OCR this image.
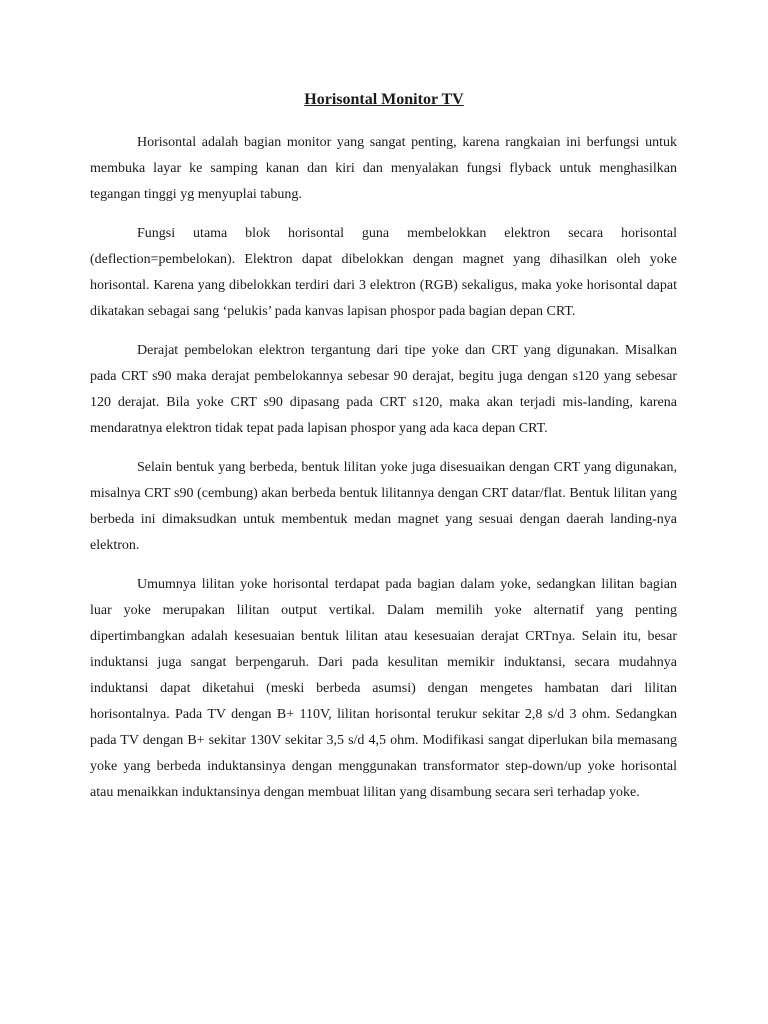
Horisontal Monitor TV

Horisontal adalah bagian monitor yang sangat penting, karena rangkaian ini berfungsi untuk membuka layar ke samping kanan dan kiri dan menyalakan fungsi flyback untuk menghasilkan tegangan tinggi yg menyuplai tabung.

Fungsi utama blok horisontal guna membelokkan elektron secara horisontal (deflection=pembelokan). Elektron dapat dibelokkan dengan magnet yang dihasilkan oleh yoke horisontal. Karena yang dibelokkan terdiri dari 3 elektron (RGB) sekaligus, maka yoke horisontal dapat dikatakan sebagai sang ‘pelukis’ pada kanvas lapisan phospor pada bagian depan CRT.

Derajat pembelokan elektron tergantung dari tipe yoke dan CRT yang digunakan. Misalkan pada CRT s90 maka derajat pembelokannya sebesar 90 derajat, begitu juga dengan s120 yang sebesar 120 derajat. Bila yoke CRT s90 dipasang pada CRT s120, maka akan terjadi mis-landing, karena mendaratnya elektron tidak tepat pada lapisan phospor yang ada kaca depan CRT.

Selain bentuk yang berbeda, bentuk lilitan yoke juga disesuaikan dengan CRT yang digunakan, misalnya CRT s90 (cembung) akan berbeda bentuk lilitannya dengan CRT datar/flat. Bentuk lilitan yang berbeda ini dimaksudkan untuk membentuk medan magnet yang sesuai dengan daerah landing-nya elektron.

Umumnya lilitan yoke horisontal terdapat pada bagian dalam yoke, sedangkan lilitan bagian luar yoke merupakan lilitan output vertikal. Dalam memilih yoke alternatif yang penting dipertimbangkan adalah kesesuaian bentuk lilitan atau kesesuaian derajat CRTnya. Selain itu, besar induktansi juga sangat berpengaruh. Dari pada kesulitan memikir induktansi, secara mudahnya induktansi dapat diketahui (meski berbeda asumsi) dengan mengetes hambatan dari lilitan horisontalnya. Pada TV dengan B+ 110V, lilitan horisontal terukur sekitar 2,8 s/d 3 ohm. Sedangkan pada TV dengan B+ sekitar 130V sekitar 3,5 s/d 4,5 ohm. Modifikasi sangat diperlukan bila memasang yoke yang berbeda induktansinya dengan menggunakan transformator step-down/up yoke horisontal atau menaikkan induktansinya dengan membuat lilitan yang disambung secara seri terhadap yoke.
